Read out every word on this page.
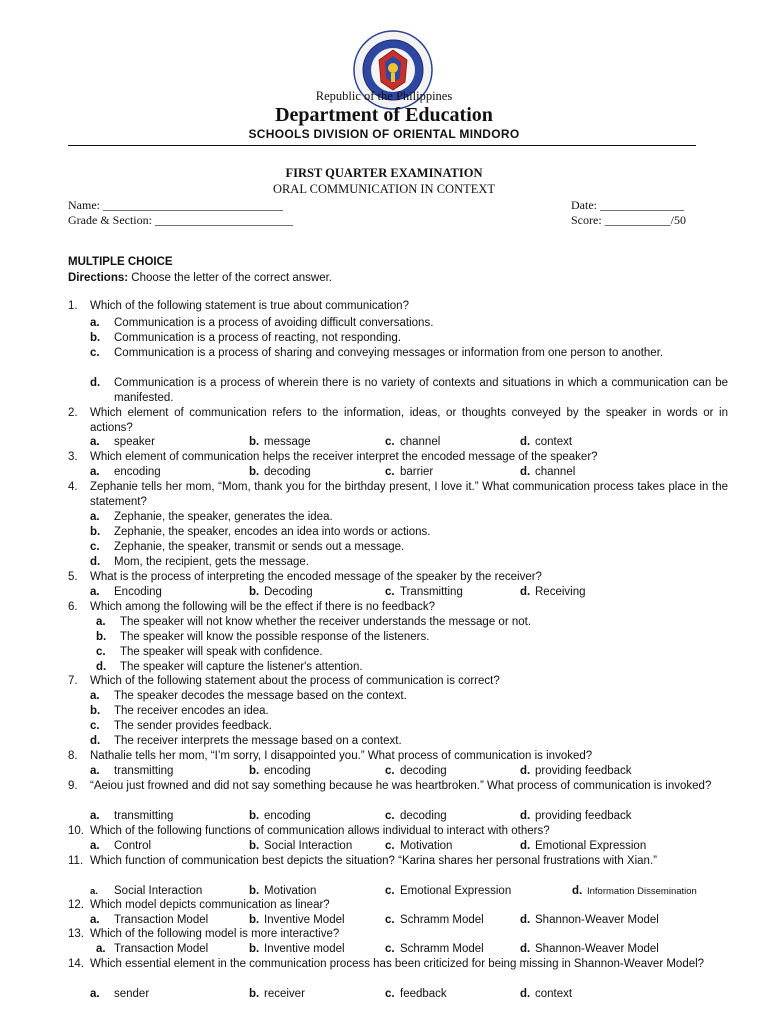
Republic of the Philippines
Department of Education
SCHOOLS DIVISION OF ORIENTAL MINDORO
FIRST QUARTER EXAMINATION
ORAL COMMUNICATION IN CONTEXT
Name: ______________________________	Date: ______________
Grade & Section: _______________________	Score: ___________/50
MULTIPLE CHOICE
Directions: Choose the letter of the correct answer.
1. Which of the following statement is true about communication?
a. Communication is a process of avoiding difficult conversations.
b. Communication is a process of reacting, not responding.
c. Communication is a process of sharing and conveying messages or information from one person to another.
d. Communication is a process of wherein there is no variety of contexts and situations in which a communication can be manifested.
2. Which element of communication refers to the information, ideas, or thoughts conveyed by the speaker in words or in actions?
a. speaker	b. message	c. channel	d. context
3. Which element of communication helps the receiver interpret the encoded message of the speaker?
a. encoding	b. decoding	c. barrier	d. channel
4. Zephanie tells her mom, “Mom, thank you for the birthday present, I love it.” What communication process takes place in the statement?
a. Zephanie, the speaker, generates the idea.
b. Zephanie, the speaker, encodes an idea into words or actions.
c. Zephanie, the speaker, transmit or sends out a message.
d. Mom, the recipient, gets the message.
5. What is the process of interpreting the encoded message of the speaker by the receiver?
a. Encoding	b. Decoding	c. Transmitting	d. Receiving
6. Which among the following will be the effect if there is no feedback?
a. The speaker will not know whether the receiver understands the message or not.
b. The speaker will know the possible response of the listeners.
c. The speaker will speak with confidence.
d. The speaker will capture the listener's attention.
7. Which of the following statement about the process of communication is correct?
a. The speaker decodes the message based on the context.
b. The receiver encodes an idea.
c. The sender provides feedback.
d. The receiver interprets the message based on a context.
8. Nathalie tells her mom, “I’m sorry, I disappointed you.” What process of communication is invoked?
a. transmitting	b. encoding	c. decoding	d. providing feedback
9. “Aeiou just frowned and did not say something because he was heartbroken.” What process of communication is invoked?
a. transmitting	b. encoding	c. decoding	d. providing feedback
10. Which of the following functions of communication allows individual to interact with others?
a. Control	b. Social Interaction	c. Motivation	d. Emotional Expression
11. Which function of communication best depicts the situation? “Karina shares her personal frustrations with Xian.”
a. Social Interaction	b. Motivation	c. Emotional Expression	d. Information Dissemination
12. Which model depicts communication as linear?
a. Transaction Model	b. Inventive Model	c. Schramm Model	d. Shannon-Weaver Model
13. Which of the following model is more interactive?
a. Transaction Model	b. Inventive model	c. Schramm Model	d. Shannon-Weaver Model
14. Which essential element in the communication process has been criticized for being missing in Shannon-Weaver Model?
a. sender	b. receiver	c. feedback	d. context
